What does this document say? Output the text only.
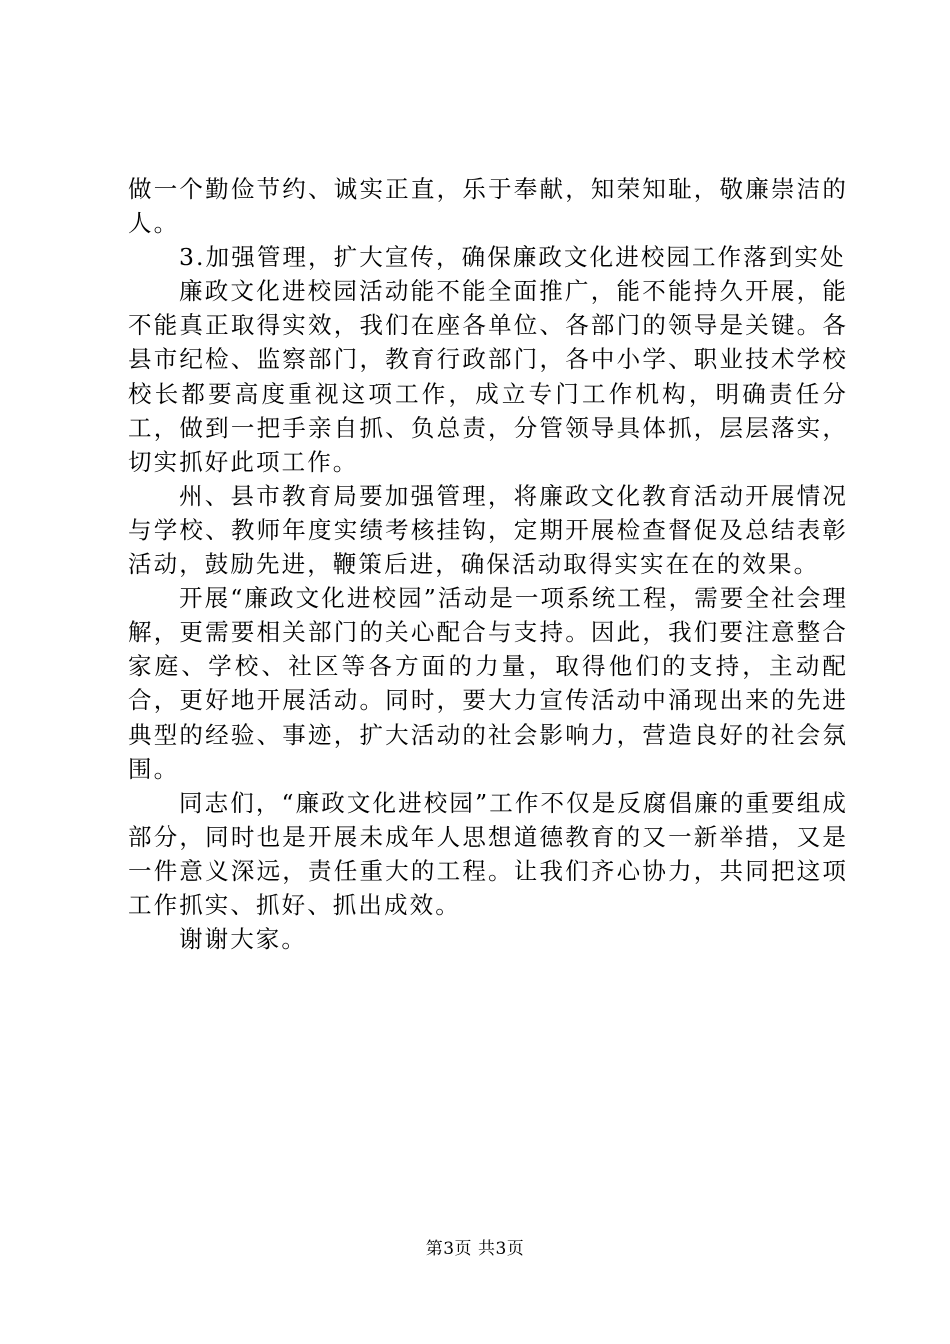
做一个勤俭节约、诚实正直，乐于奉献，知荣知耻，敬廉崇洁的人。

3.加强管理，扩大宣传，确保廉政文化进校园工作落到实处

廉政文化进校园活动能不能全面推广，能不能持久开展，能不能真正取得实效，我们在座各单位、各部门的领导是关键。各县市纪检、监察部门，教育行政部门，各中小学、职业技术学校校长都要高度重视这项工作，成立专门工作机构，明确责任分工，做到一把手亲自抓、负总责，分管领导具体抓，层层落实，切实抓好此项工作。

州、县市教育局要加强管理，将廉政文化教育活动开展情况与学校、教师年度实绩考核挂钩，定期开展检查督促及总结表彰活动，鼓励先进，鞭策后进，确保活动取得实实在在的效果。

开展“廉政文化进校园”活动是一项系统工程，需要全社会理解，更需要相关部门的关心配合与支持。因此，我们要注意整合家庭、学校、社区等各方面的力量，取得他们的支持，主动配合，更好地开展活动。同时，要大力宣传活动中涌现出来的先进典型的经验、事迹，扩大活动的社会影响力，营造良好的社会氛围。

同志们，“廉政文化进校园”工作不仅是反腐倡廉的重要组成部分，同时也是开展未成年人思想道德教育的又一新举措，又是一件意义深远，责任重大的工程。让我们齐心协力，共同把这项工作抓实、抓好、抓出成效。

谢谢大家。

第3页 共3页
